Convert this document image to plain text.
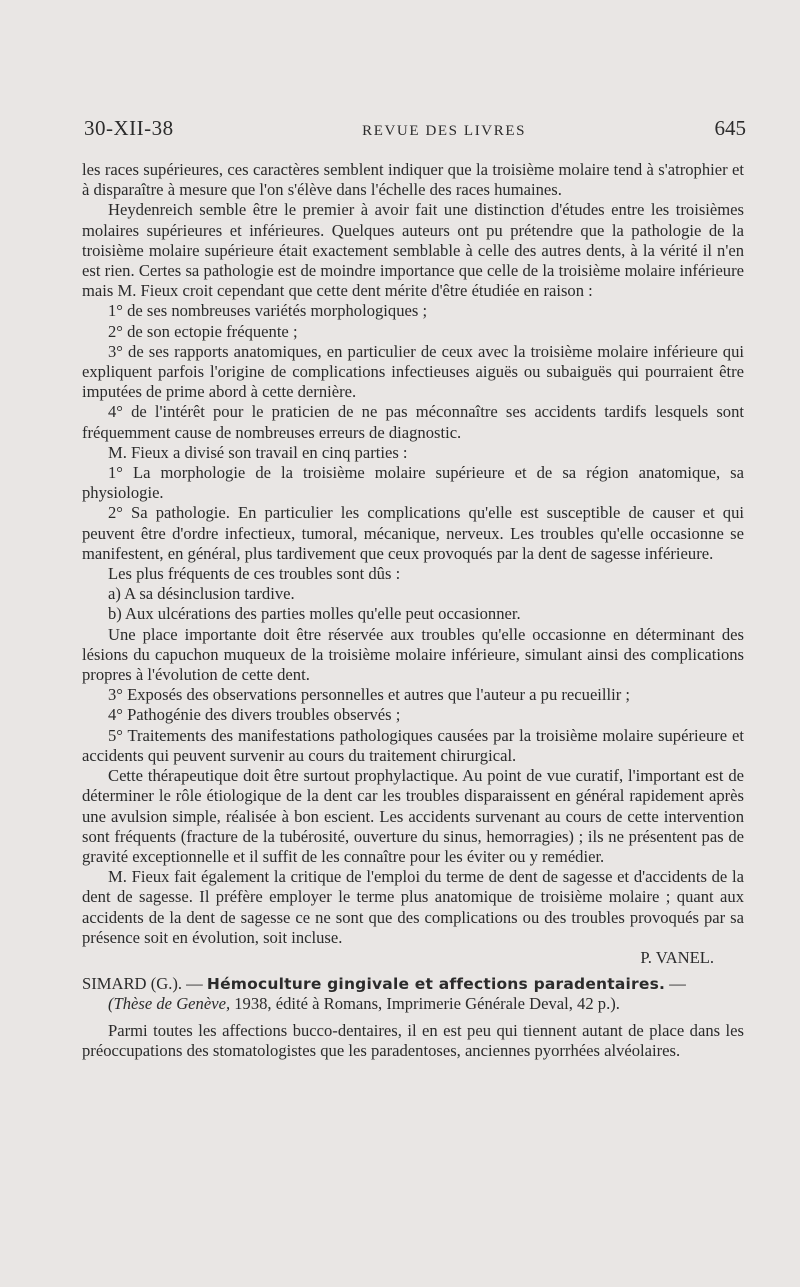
30-XII-38	REVUE DES LIVRES	645

les races supérieures, ces caractères semblent indiquer que la troisième molaire tend à s'atrophier et à disparaître à mesure que l'on s'élève dans l'échelle des races humaines.

Heydenreich semble être le premier à avoir fait une distinction d'études entre les troisièmes molaires supérieures et inférieures. Quelques auteurs ont pu prétendre que la pathologie de la troisième molaire supérieure était exactement semblable à celle des autres dents, à la vérité il n'en est rien. Certes sa pathologie est de moindre importance que celle de la troisième molaire inférieure mais M. Fieux croit cependant que cette dent mérite d'être étudiée en raison :

1° de ses nombreuses variétés morphologiques ;

2° de son ectopie fréquente ;

3° de ses rapports anatomiques, en particulier de ceux avec la troisième molaire inférieure qui expliquent parfois l'origine de complications infectieuses aiguës ou subaiguës qui pourraient être imputées de prime abord à cette dernière.

4° de l'intérêt pour le praticien de ne pas méconnaître ses accidents tardifs lesquels sont fréquemment cause de nombreuses erreurs de diagnostic.

M. Fieux a divisé son travail en cinq parties :

1° La morphologie de la troisième molaire supérieure et de sa région anatomique, sa physiologie.

2° Sa pathologie. En particulier les complications qu'elle est susceptible de causer et qui peuvent être d'ordre infectieux, tumoral, mécanique, nerveux. Les troubles qu'elle occasionne se manifestent, en général, plus tardivement que ceux provoqués par la dent de sagesse inférieure.

Les plus fréquents de ces troubles sont dûs :

a) A sa désinclusion tardive.

b) Aux ulcérations des parties molles qu'elle peut occasionner.

Une place importante doit être réservée aux troubles qu'elle occasionne en déterminant des lésions du capuchon muqueux de la troisième molaire inférieure, simulant ainsi des complications propres à l'évolution de cette dent.

3° Exposés des observations personnelles et autres que l'auteur a pu recueillir ;

4° Pathogénie des divers troubles observés ;

5° Traitements des manifestations pathologiques causées par la troisième molaire supérieure et accidents qui peuvent survenir au cours du traitement chirurgical.

Cette thérapeutique doit être surtout prophylactique. Au point de vue curatif, l'important est de déterminer le rôle étiologique de la dent car les troubles disparaissent en général rapidement après une avulsion simple, réalisée à bon escient. Les accidents survenant au cours de cette intervention sont fréquents (fracture de la tubérosité, ouverture du sinus, hemorragies) ; ils ne présentent pas de gravité exceptionnelle et il suffit de les connaître pour les éviter ou y remédier.

M. Fieux fait également la critique de l'emploi du terme de dent de sagesse et d'accidents de la dent de sagesse. Il préfère employer le terme plus anatomique de troisième molaire ; quant aux accidents de la dent de sagesse ce ne sont que des complications ou des troubles provoqués par sa présence soit en évolution, soit incluse.

P. VANEL.

SIMARD (G.). — Hémoculture gingivale et affections paradentaires. —

(Thèse de Genève, 1938, édité à Romans, Imprimerie Générale Deval, 42 p.).

Parmi toutes les affections bucco-dentaires, il en est peu qui tiennent autant de place dans les préoccupations des stomatologistes que les paradentoses, anciennes pyorrhées alvéolaires.
